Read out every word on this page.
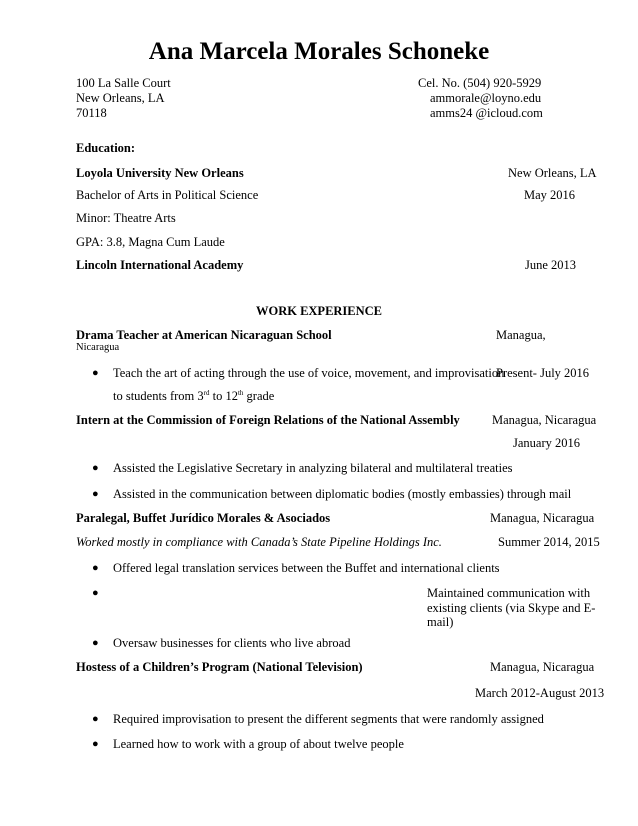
Ana Marcela Morales Schoneke
100 La Salle Court
New Orleans, LA
70118
Cel. No. (504) 920-5929
ammorale@loyno.edu
amms24 @icloud.com
Education:
Loyola University New Orleans	New Orleans, LA
Bachelor of Arts in Political Science	May 2016
Minor: Theatre Arts
GPA: 3.8, Magna Cum Laude
Lincoln International Academy	June 2013
WORK EXPERIENCE
Drama Teacher at American Nicaraguan School	Managua,
Nicaragua
● Teach the art of acting through the use of voice, movement, and improvisation
Present- July 2016
to students from 3rd to 12th grade
Intern at the Commission of Foreign Relations of the National Assembly	Managua, Nicaragua
January 2016
● Assisted the Legislative Secretary in analyzing bilateral and multilateral treaties
● Assisted in the communication between diplomatic bodies (mostly embassies) through mail
Paralegal, Buffet Jurídico Morales & Asociados	Managua, Nicaragua
Worked mostly in compliance with Canada’s State Pipeline Holdings Inc.	Summer 2014, 2015
● Offered legal translation services between the Buffet and international clients
●	Maintained communication with
existing clients (via Skype and E-
mail)
● Oversaw businesses for clients who live abroad
Hostess of a Children’s Program (National Television)	Managua, Nicaragua
March 2012-August 2013
● Required improvisation to present the different segments that were randomly assigned
● Learned how to work with a group of about twelve people
